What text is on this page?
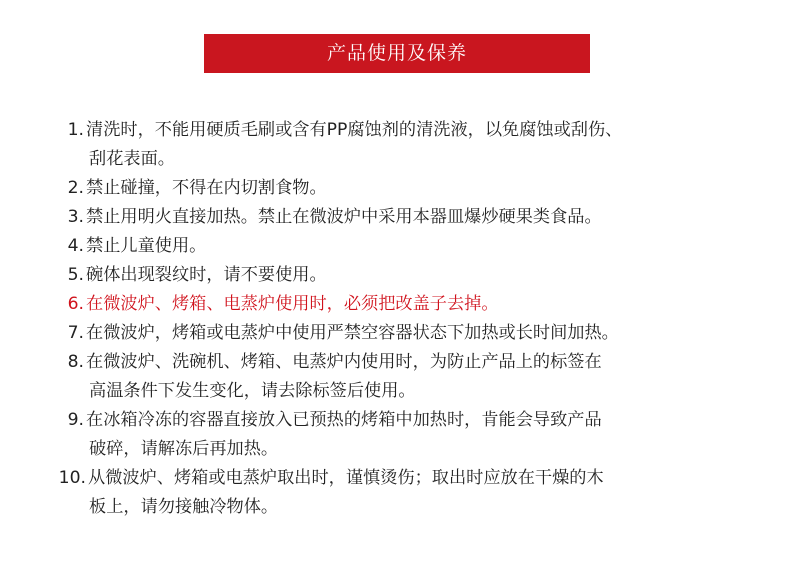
产品使用及保养
1. 清洗时，不能用硬质毛刷或含有PP腐蚀剂的清洗液，以免腐蚀或刮伤、
刮花表面。
2. 禁止碰撞，不得在内切割食物。
3. 禁止用明火直接加热。禁止在微波炉中采用本器皿爆炒硬果类食品。
4. 禁止儿童使用。
5. 碗体出现裂纹时，请不要使用。
6. 在微波炉、烤箱、电蒸炉使用时，必须把改盖子去掉。
7. 在微波炉，烤箱或电蒸炉中使用严禁空容器状态下加热或长时间加热。
8. 在微波炉、洗碗机、烤箱、电蒸炉内使用时，为防止产品上的标签在
高温条件下发生变化，请去除标签后使用。
9. 在冰箱冷冻的容器直接放入已预热的烤箱中加热时，肯能会导致产品
破碎，请解冻后再加热。
10. 从微波炉、烤箱或电蒸炉取出时，谨慎烫伤；取出时应放在干燥的木
板上，请勿接触冷物体。
